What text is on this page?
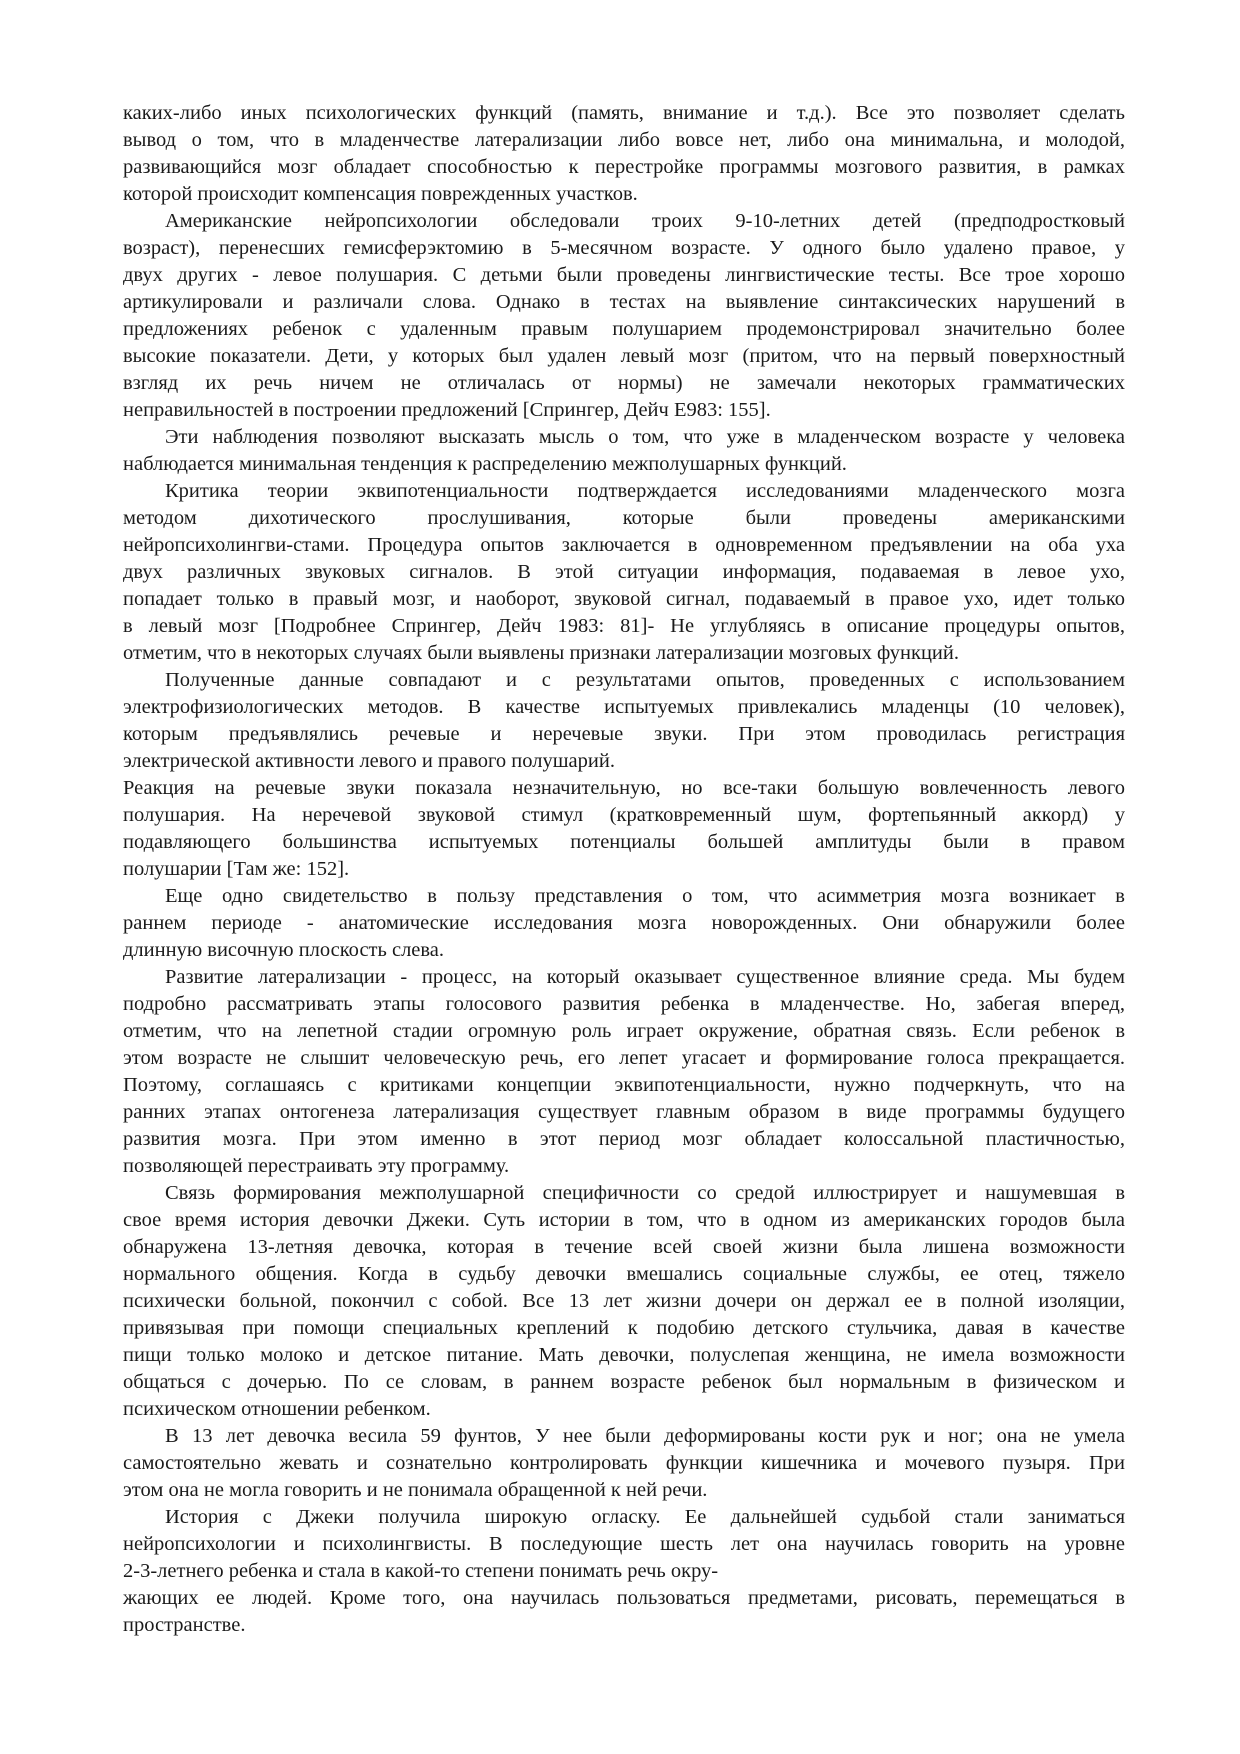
каких-либо иных психологических функций (память, внимание и т.д.). Все это позволяет сделать
вывод о том, что в младенчестве латерализации либо вовсе нет, либо она минимальна, и молодой,
развивающийся мозг обладает способностью к перестройке программы мозгового развития, в рамках
которой происходит компенсация поврежденных участков.
Американские нейропсихологии обследовали троих 9-10-летних детей (предподростковый
возраст), перенесших гемисферэктомию в 5-месячном возрасте. У одного было удалено правое, у
двух других - левое полушария. С детьми были проведены лингвистические тесты. Все трое хорошо
артикулировали и различали слова. Однако в тестах на выявление синтаксических нарушений в
предложениях ребенок с удаленным правым полушарием продемонстрировал значительно более
высокие показатели. Дети, у которых был удален левый мозг (притом, что на первый поверхностный
взгляд их речь ничем не отличалась от нормы) не замечали некоторых грамматических
неправильностей в построении предложений [Спрингер, Дейч Е983: 155].
Эти наблюдения позволяют высказать мысль о том, что уже в младенческом возрасте у человека
наблюдается минимальная тенденция к распределению межполушарных функций.
Критика теории эквипотенциальности подтверждается исследованиями младенческого мозга
методом дихотического прослушивания, которые были проведены американскими
нейропсихолингви-стами. Процедура опытов заключается в одновременном предъявлении на оба уха
двух различных звуковых сигналов. В этой ситуации информация, подаваемая в левое ухо,
попадает только в правый мозг, и наоборот, звуковой сигнал, подаваемый в правое ухо, идет только
в левый мозг [Подробнее Спрингер, Дейч 1983: 81]- Не углубляясь в описание процедуры опытов,
отметим, что в некоторых случаях были выявлены признаки латерализации мозговых функций.
Полученные данные совпадают и с результатами опытов, проведенных с использованием
электрофизиологических методов. В качестве испытуемых привлекались младенцы (10 человек),
которым предъявлялись речевые и неречевые звуки. При этом проводилась регистрация
электрической активности левого и правого полушарий.
Реакция на речевые звуки показала незначительную, но все-таки большую вовлеченность левого
полушария. На неречевой звуковой стимул (кратковременный шум, фортепьянный аккорд) у
подавляющего большинства испытуемых потенциалы большей амплитуды были в правом
полушарии [Там же: 152].
Еще одно свидетельство в пользу представления о том, что асимметрия мозга возникает в
раннем периоде - анатомические исследования мозга новорожденных. Они обнаружили более
длинную височную плоскость слева.
Развитие латерализации - процесс, на который оказывает существенное влияние среда. Мы будем
подробно рассматривать этапы голосового развития ребенка в младенчестве. Но, забегая вперед,
отметим, что на лепетной стадии огромную роль играет окружение, обратная связь. Если ребенок в
этом возрасте не слышит человеческую речь, его лепет угасает и формирование голоса прекращается.
Поэтому, соглашаясь с критиками концепции эквипотенциальности, нужно подчеркнуть, что на
ранних этапах онтогенеза латерализация существует главным образом в виде программы будущего
развития мозга. При этом именно в этот период мозг обладает колоссальной пластичностью,
позволяющей перестраивать эту программу.
Связь формирования межполушарной специфичности со средой иллюстрирует и нашумевшая в
свое время история девочки Джеки. Суть истории в том, что в одном из американских городов была
обнаружена 13-летняя девочка, которая в течение всей своей жизни была лишена возможности
нормального общения. Когда в судьбу девочки вмешались социальные службы, ее отец, тяжело
психически больной, покончил с собой. Все 13 лет жизни дочери он держал ее в полной изоляции,
привязывая при помощи специальных креплений к подобию детского стульчика, давая в качестве
пищи только молоко и детское питание. Мать девочки, полуслепая женщина, не имела возможности
общаться с дочерью. По се словам, в раннем возрасте ребенок был нормальным в физическом и
психическом отношении ребенком.
В 13 лет девочка весила 59 фунтов, У нее были деформированы кости рук и ног; она не умела
самостоятельно жевать и сознательно контролировать функции кишечника и мочевого пузыря. При
этом она не могла говорить и не понимала обращенной к ней речи.
История с Джеки получила широкую огласку. Ее дальнейшей судьбой стали заниматься
нейропсихологии и психолингвисты. В последующие шесть лет она научилась говорить на уровне
2-3-летнего ребенка и стала в какой-то степени понимать речь окру-
жающих ее людей. Кроме того, она научилась пользоваться предметами, рисовать, перемещаться в
пространстве.
